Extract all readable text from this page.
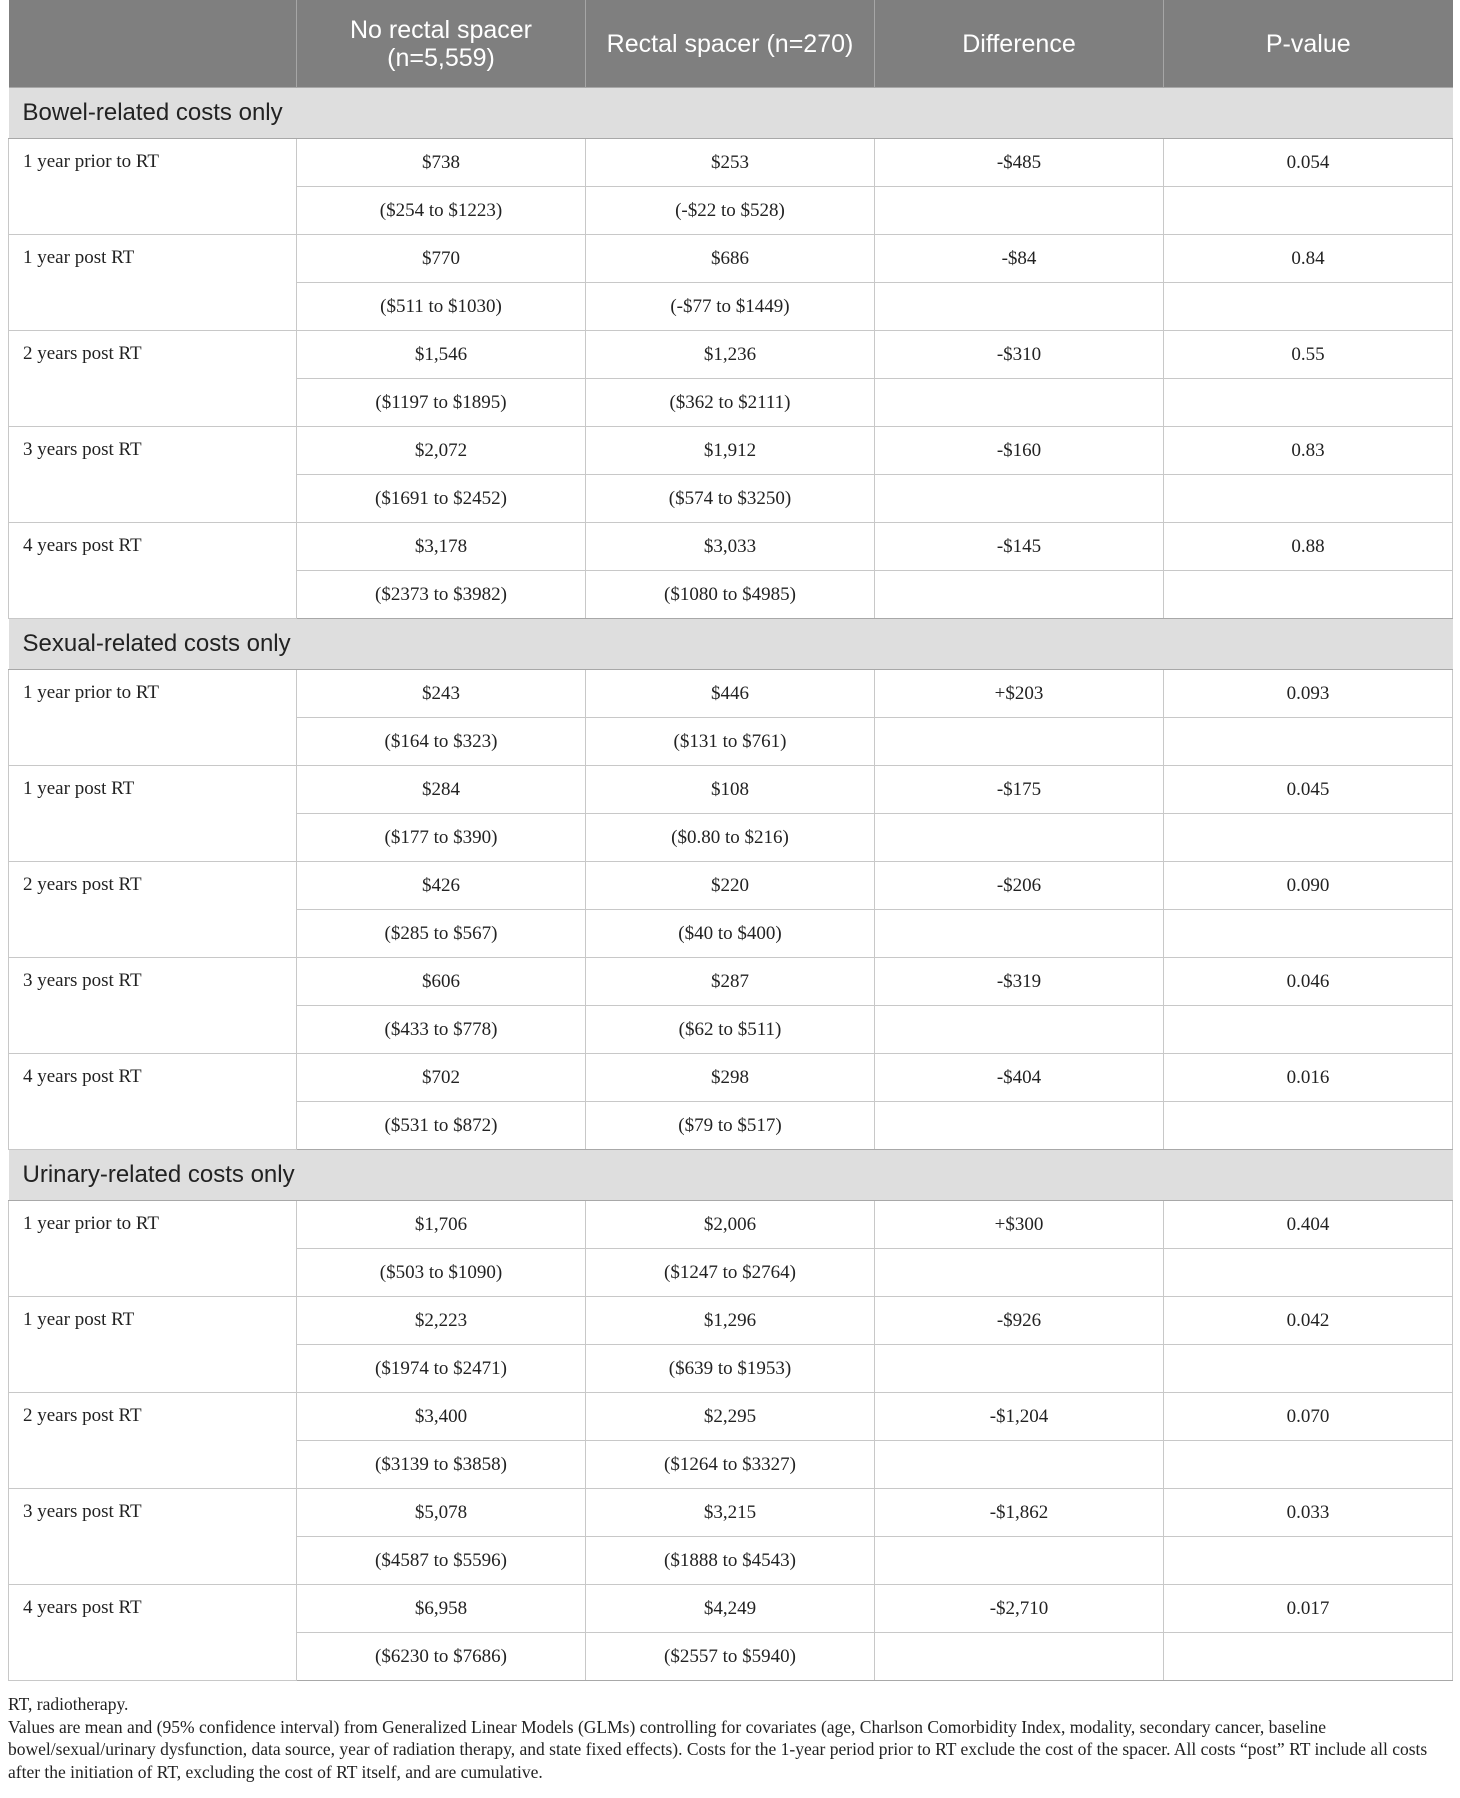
	No rectal spacer (n=5,559)	Rectal spacer (n=270)	Difference	P-value
Bowel-related costs only				
1 year prior to RT	$738	$253	-$485	0.054
	($254 to $1223)	(-$22 to $528)		
1 year post RT	$770	$686	-$84	0.84
	($511 to $1030)	(-$77 to $1449)		
2 years post RT	$1,546	$1,236	-$310	0.55
	($1197 to $1895)	($362 to $2111)		
3 years post RT	$2,072	$1,912	-$160	0.83
	($1691 to $2452)	($574 to $3250)		
4 years post RT	$3,178	$3,033	-$145	0.88
	($2373 to $3982)	($1080 to $4985)		
Sexual-related costs only				
1 year prior to RT	$243	$446	+$203	0.093
	($164 to $323)	($131 to $761)		
1 year post RT	$284	$108	-$175	0.045
	($177 to $390)	($0.80 to $216)		
2 years post RT	$426	$220	-$206	0.090
	($285 to $567)	($40 to $400)		
3 years post RT	$606	$287	-$319	0.046
	($433 to $778)	($62 to $511)		
4 years post RT	$702	$298	-$404	0.016
	($531 to $872)	($79 to $517)		
Urinary-related costs only				
1 year prior to RT	$1,706	$2,006	+$300	0.404
	($503 to $1090)	($1247 to $2764)		
1 year post RT	$2,223	$1,296	-$926	0.042
	($1974 to $2471)	($639 to $1953)		
2 years post RT	$3,400	$2,295	-$1,204	0.070
	($3139 to $3858)	($1264 to $3327)		
3 years post RT	$5,078	$3,215	-$1,862	0.033
	($4587 to $5596)	($1888 to $4543)		
4 years post RT	$6,958	$4,249	-$2,710	0.017
	($6230 to $7686)	($2557 to $5940)		

RT, radiotherapy.

Values are mean and (95% confidence interval) from Generalized Linear Models (GLMs) controlling for covariates (age, Charlson Comorbidity Index, modality, secondary cancer, baseline bowel/sexual/urinary dysfunction, data source, year of radiation therapy, and state fixed effects). Costs for the 1-year period prior to RT exclude the cost of the spacer. All costs “post” RT include all costs after the initiation of RT, excluding the cost of RT itself, and are cumulative.
